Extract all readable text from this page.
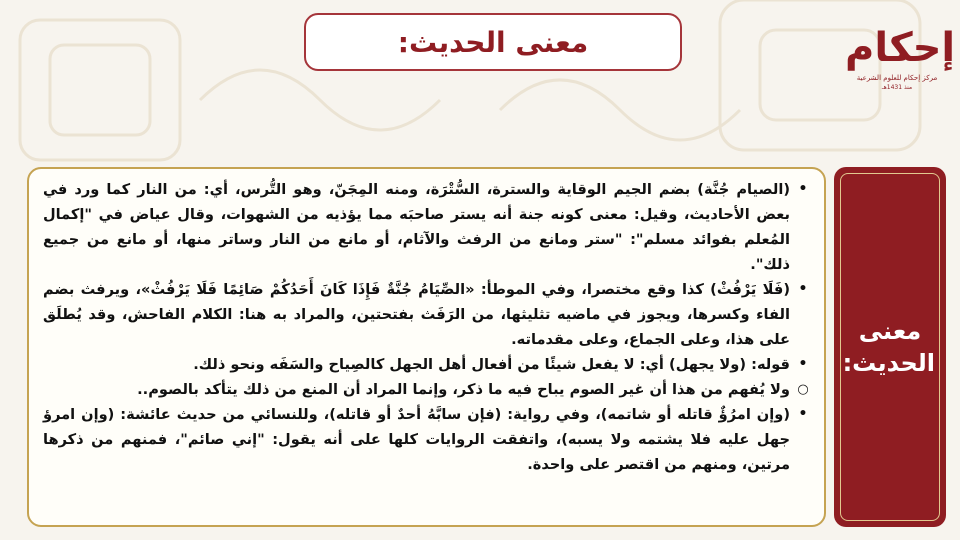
إحكام
مركز إحكام للعلوم الشرعية
منذ 1431هـ
معنى الحديث:
•
(الصيام جُنَّة) بضم الجيم الوقاية والسترة، السُّتْرَة، ومنه المِجَنّ، وهو التُّرس، أي: من النار كما ورد في بعض الأحاديث، وقيل: معنى كونه جنة أنه يستر صاحبَه مما يؤذيه من الشهوات، وقال عياض في "إكمال المُعلم بفوائد مسلم": "ستر ومانع من الرفث والآثام، أو مانع من النار وساتر منها، أو مانع من جميع ذلك".
•
(فَلَا يَرْفُثْ) كذا وقع مختصرا، وفي الموطأ: «الصِّيَامُ جُنَّةٌ فَإِذَا كَانَ أَحَدُكُمْ صَائِمًا فَلَا يَرْفُثْ»، ويرفث بضم الفاء وكسرها، ويجوز في ماضيه تثليثها، من الرَفَث بفتحتين، والمراد به هنا: الكلام الفاحش، وقد يُطلَق على هذا، وعلى الجماع، وعلى مقدماته.
•
قوله: (ولا يجهل) أي: لا يفعل شيئًا من أفعال أهل الجهل كالصِياح والسَفَه ونحو ذلك.
○
ولا يُفهم من هذا أن غير الصوم يباح فيه ما ذكر، وإنما المراد أن المنع من ذلك يتأكد بالصوم..
•
(وإن امرُؤٌ قاتله أو شاتمه)، وفي رواية: (فإن سابَّهُ أحدٌ أو قاتله)، وللنسائي من حديث عائشة: (وإن امرؤ جهل عليه فلا يشتمه ولا يسبه)، واتفقت الروايات كلها على أنه يقول: "إني صائم"، فمنهم من ذكرها مرتين، ومنهم من اقتصر على واحدة.
معنى الحديث:
